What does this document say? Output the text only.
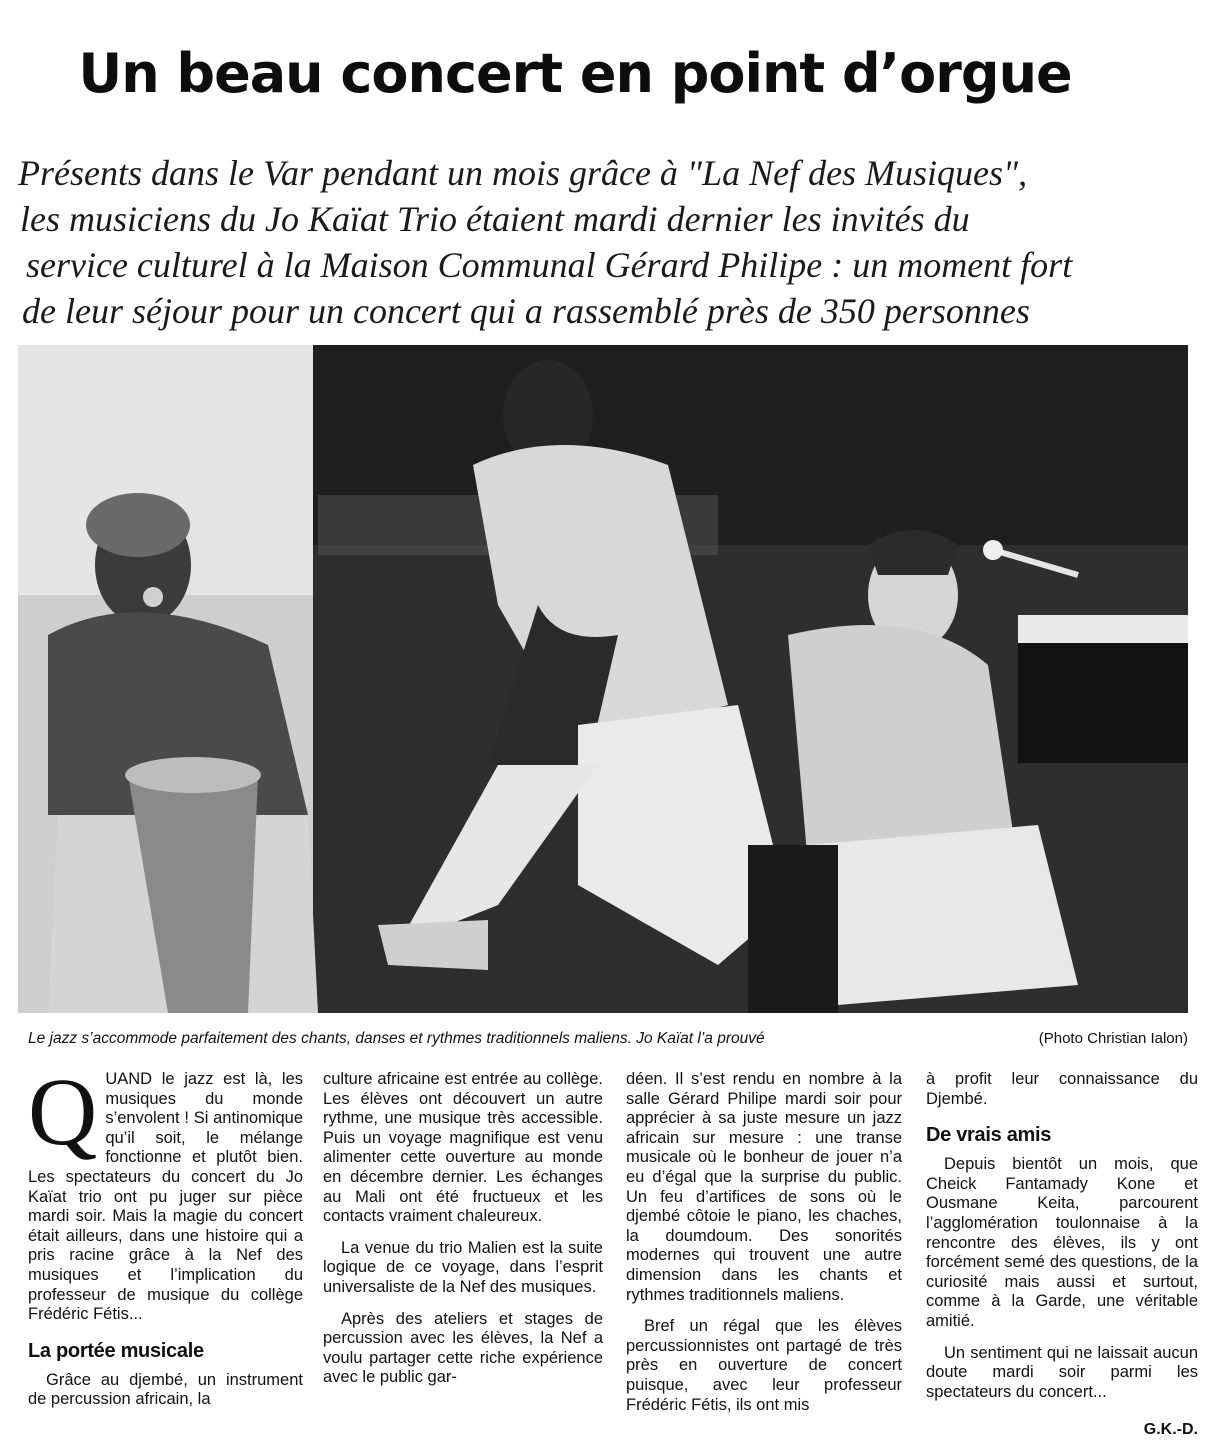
Un beau concert en point d’orgue
Présents dans le Var pendant un mois grâce à "La Nef des Musiques",
les musiciens du Jo Kaïat Trio étaient mardi dernier les invités du
service culturel à la Maison Communal Gérard Philipe : un moment fort
de leur séjour pour un concert qui a rassemblé près de 350 personnes
Le jazz s’accommode parfaitement des chants, danses et rythmes traditionnels maliens. Jo Kaïat l’a prouvé	(Photo Christian Ialon)

QUAND le jazz est là, les musiques du monde s’envolent ! Si antinomique qu’il soit, le mélange fonctionne et plutôt bien. Les spectateurs du concert du Jo Kaïat trio ont pu juger sur pièce mardi soir. Mais la magie du concert était ailleurs, dans une histoire qui a pris racine grâce à la Nef des musiques et l’implication du professeur de musique du collège Frédéric Fétis...

La portée musicale

Grâce au djembé, un instrument de percussion africain, la

culture africaine est entrée au collège. Les élèves ont découvert un autre rythme, une musique très accessible. Puis un voyage magnifique est venu alimenter cette ouverture au monde en décembre dernier. Les échanges au Mali ont été fructueux et les contacts vraiment chaleureux.

La venue du trio Malien est la suite logique de ce voyage, dans l’esprit universaliste de la Nef des musiques.

Après des ateliers et stages de percussion avec les élèves, la Nef a voulu partager cette riche expérience avec le public gar-

déen. Il s’est rendu en nombre à la salle Gérard Philipe mardi soir pour apprécier à sa juste mesure un jazz africain sur mesure : une transe musicale où le bonheur de jouer n’a eu d’égal que la surprise du public. Un feu d’artifices de sons où le djembé côtoie le piano, les chaches, la doumdoum. Des sonorités modernes qui trouvent une autre dimension dans les chants et rythmes traditionnels maliens.

Bref un régal que les élèves percussionnistes ont partagé de très près en ouverture de concert puisque, avec leur professeur Frédéric Fétis, ils ont mis

à profit leur connaissance du Djembé.

De vrais amis

Depuis bientôt un mois, que Cheick Fantamady Kone et Ousmane Keita, parcourent l’agglomération toulonnaise à la rencontre des élèves, ils y ont forcément semé des questions, de la curiosité mais aussi et surtout, comme à la Garde, une véritable amitié.

Un sentiment qui ne laissait aucun doute mardi soir parmi les spectateurs du concert...

G.K.-D.
